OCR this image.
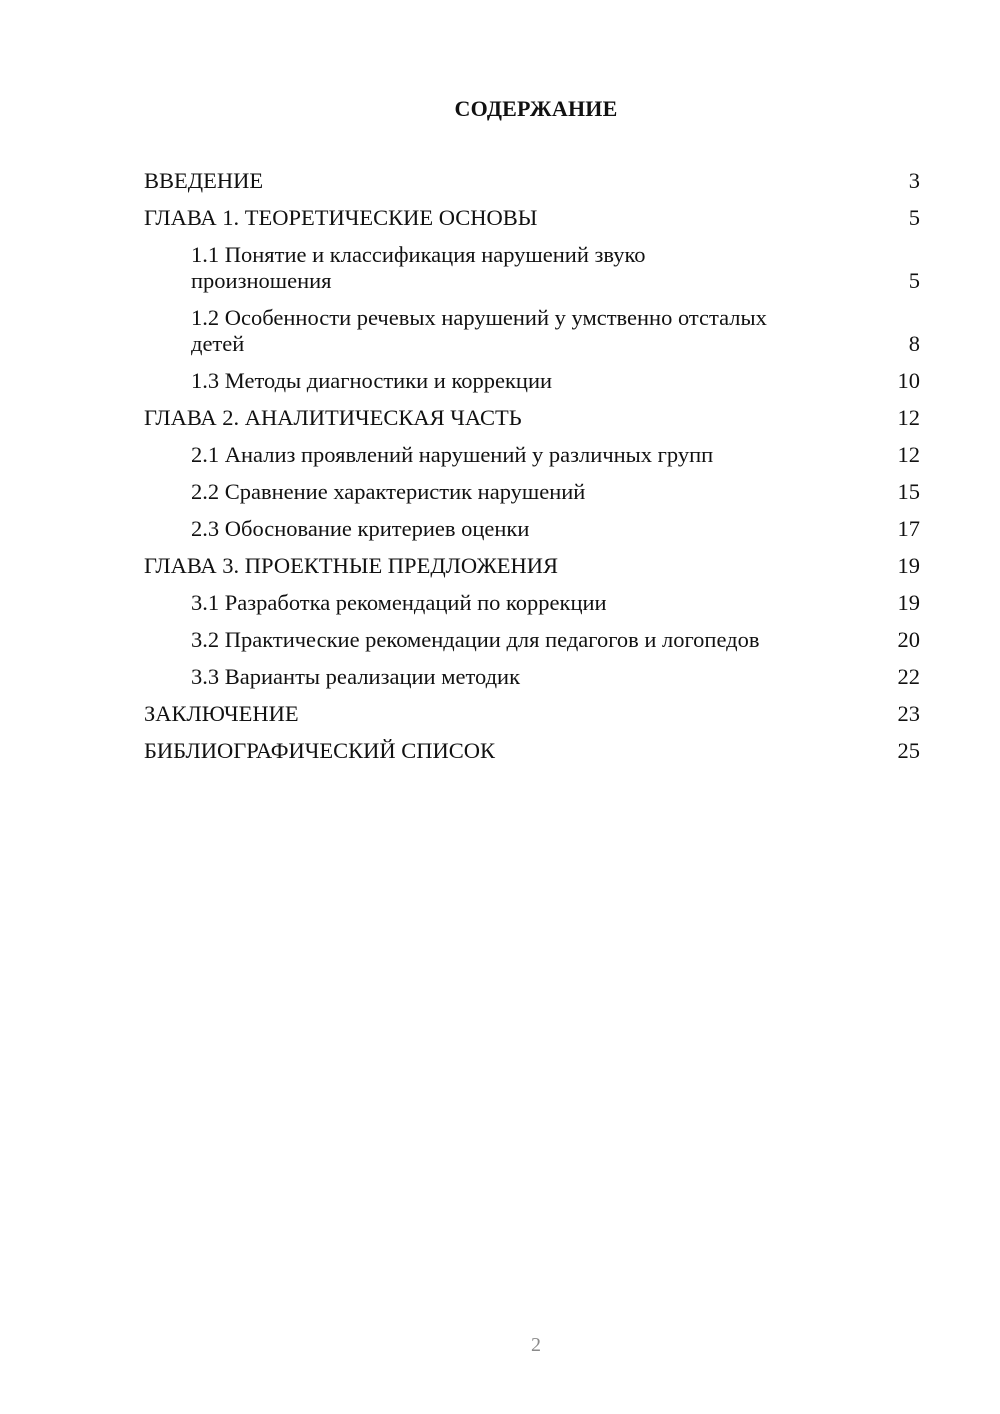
СОДЕРЖАНИЕ
ВВЕДЕНИЕ	3
ГЛАВА 1. ТЕОРЕТИЧЕСКИЕ ОСНОВЫ	5
1.1 Понятие и классификация нарушений звуко
произношения	5
1.2 Особенности речевых нарушений у умственно отсталых
детей	8
1.3 Методы диагностики и коррекции	10
ГЛАВА 2. АНАЛИТИЧЕСКАЯ ЧАСТЬ	12
2.1 Анализ проявлений нарушений у различных групп	12
2.2 Сравнение характеристик нарушений	15
2.3 Обоснование критериев оценки	17
ГЛАВА 3. ПРОЕКТНЫЕ ПРЕДЛОЖЕНИЯ	19
3.1 Разработка рекомендаций по коррекции	19
3.2 Практические рекомендации для педагогов и логопедов	20
3.3 Варианты реализации методик	22
ЗАКЛЮЧЕНИЕ	23
БИБЛИОГРАФИЧЕСКИЙ СПИСОК	25
2
